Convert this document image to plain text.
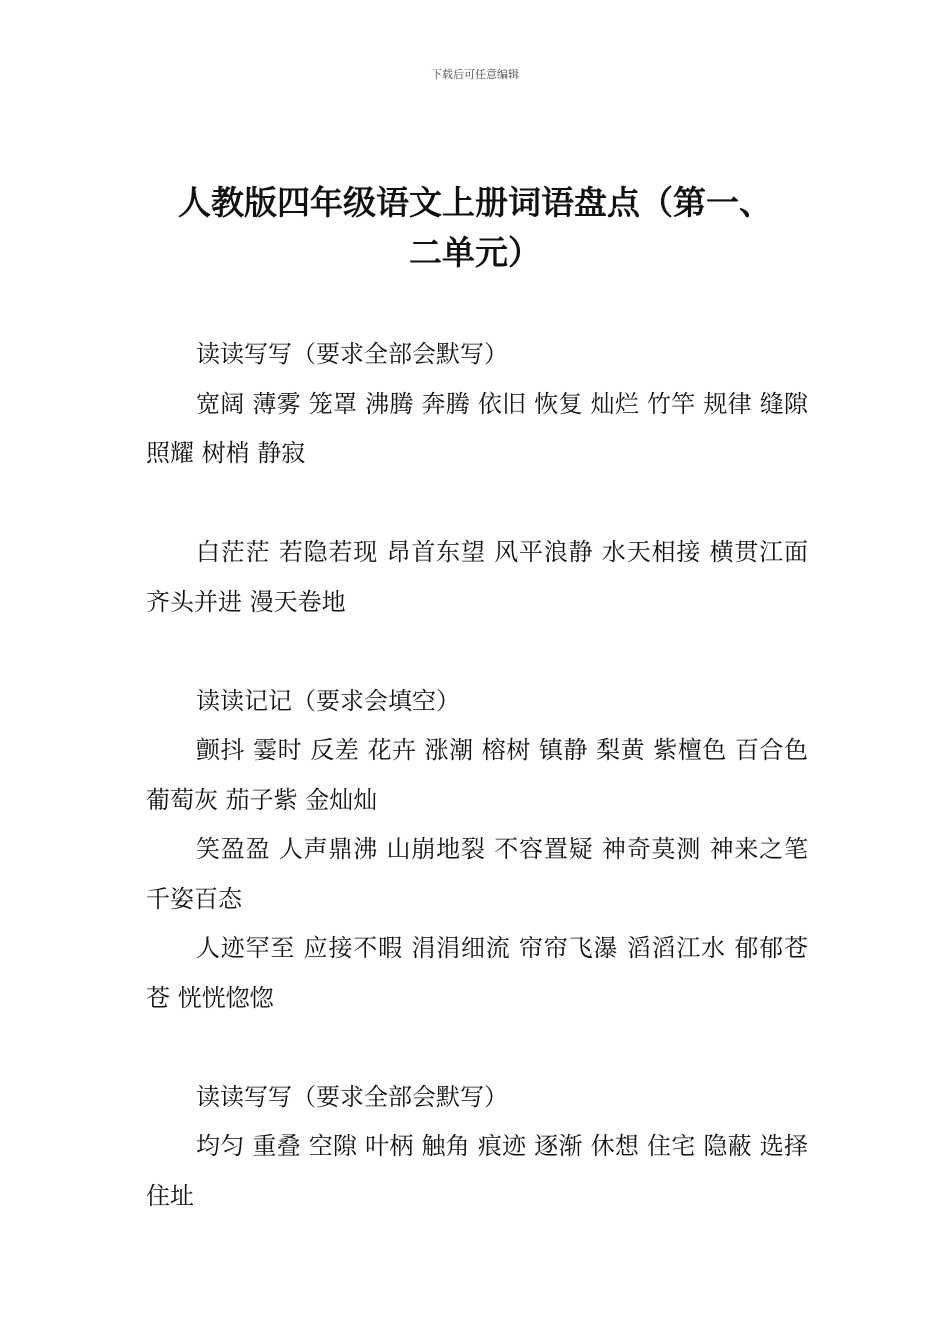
下载后可任意编辑
人教版四年级语文上册词语盘点（第一、
二单元）

读读写写（要求全部会默写）

宽阔 薄雾 笼罩 沸腾 奔腾 依旧 恢复 灿烂 竹竿 规律 缝隙 照耀 树梢 静寂

白茫茫 若隐若现 昂首东望 风平浪静 水天相接 横贯江面 齐头并进 漫天卷地

读读记记（要求会填空）

颤抖 霎时 反差 花卉 涨潮 榕树 镇静 梨黄 紫檀色 百合色 葡萄灰 茄子紫 金灿灿

笑盈盈 人声鼎沸 山崩地裂 不容置疑 神奇莫测 神来之笔 千姿百态

人迹罕至 应接不暇 涓涓细流 帘帘飞瀑 滔滔江水 郁郁苍苍 恍恍惚惚

读读写写（要求全部会默写）

均匀 重叠 空隙 叶柄 触角 痕迹 逐渐 休想 住宅 隐蔽 选择 住址
